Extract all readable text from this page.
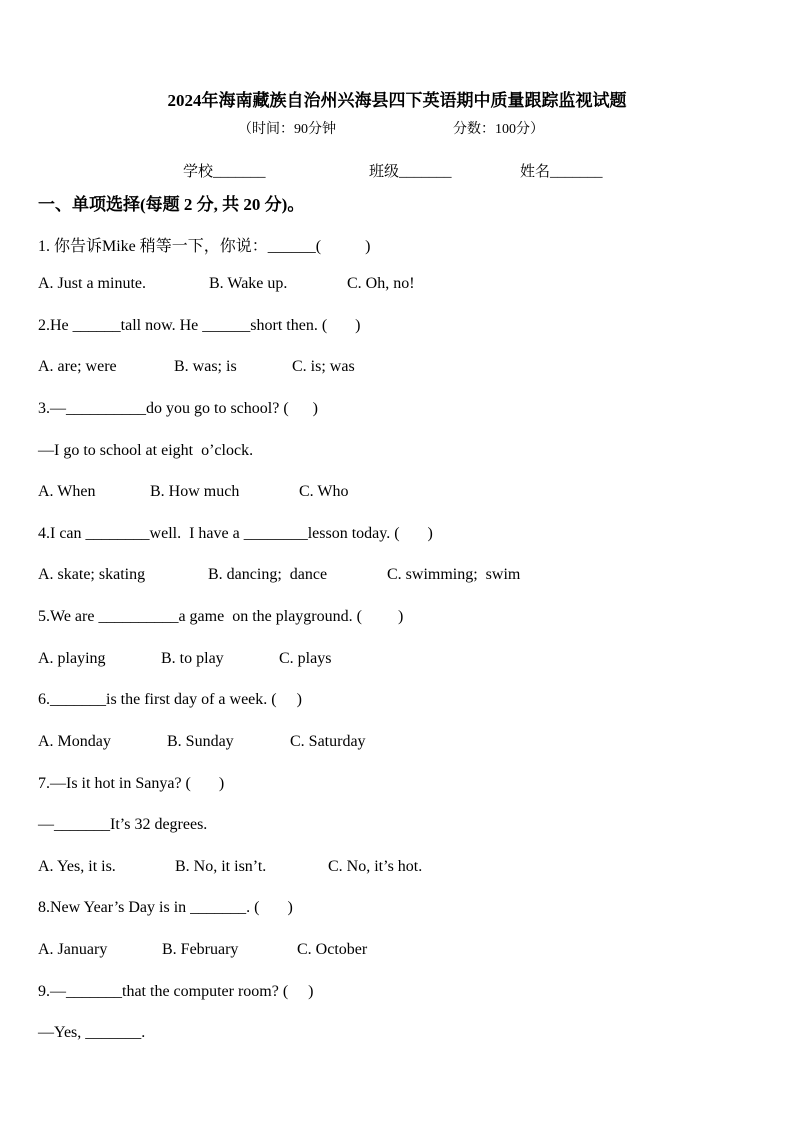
2024年海南藏族自治州兴海县四下英语期中质量跟踪监视试题
（时间：90分钟	分数：100分）
学校_______	班级_______	姓名_______
一、单项选择(每题 2 分, 共 20 分)。
1. 你告诉Mike 稍等一下，你说：______(           )
A. Just a minute.	B. Wake up.	C. Oh, no!
2.He ______tall now. He ______short then. (       )
A. are; were	B. was; is	C. is; was
3.—__________do you go to school? (      )
—I go to school at eight  o’clock.
A. When	B. How much	C. Who
4.I can ________well.  I have a ________lesson today. (       )
A. skate; skating	B. dancing;  dance	C. swimming;  swim
5.We are __________a game  on the playground. (         )
A. playing	B. to play	C. plays
6._______is the first day of a week. (     )
A. Monday	B. Sunday	C. Saturday
7.—Is it hot in Sanya? (       )
—_______It’s 32 degrees.
A. Yes, it is.	B. No, it isn’t.	C. No, it’s hot.
8.New Year’s Day is in _______. (       )
A. January	B. February	C. October
9.—_______that the computer room? (     )
—Yes, _______.
